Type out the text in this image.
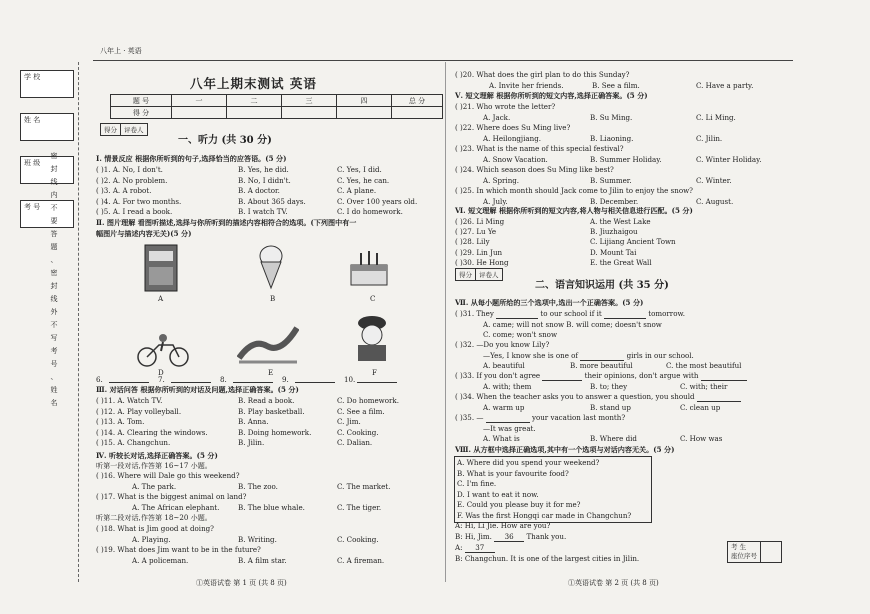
八年上 · 英语
学 校
姓 名
班 级
考 号
密
封
线
内
不
要
答
题
、
密
封
线
外
不
写
考
号
、
姓
名
八年上期末测试 英语
题 号	一	二	三	四	总 分
得 分					
得分	评卷人
一、听力 (共 30 分)
Ⅰ. 情景反应 根据你所听到的句子,选择恰当的应答语。(5 分)
( )1. A. No, I don't.	B. Yes, he did.	C. Yes, I did.
( )2. A. No problem.	B. No, I didn't.	C. Yes, he can.
( )3. A. A robot.	B. A doctor.	C. A plane.
( )4. A. For two months.	B. About 365 days.	C. Over 100 years old.
( )5. A. I read a book.	B. I watch TV.	C. I do homework.
Ⅱ. 图片理解 看图听描述,选择与你所听到的描述内容相符合的选项。(下列图中有一
幅图片与描述内容无关)(5 分)
A	B	C
D	E	F
6.	7.	8.	9.	10.
Ⅲ. 对话问答 根据你所听到的对话及问题,选择正确答案。(5 分)
( )11. A. Watch TV.	B. Read a book.	C. Do homework.
( )12. A. Play volleyball.	B. Play basketball.	C. See a film.
( )13. A. Tom.	B. Anna.	C. Jim.
( )14. A. Clearing the windows.	B. Doing homework.	C. Cooking.
( )15. A. Changchun.	B. Jilin.	C. Dalian.
Ⅳ. 听较长对话,选择正确答案。(5 分)
听第一段对话,作答第 16~17 小题。
( )16. Where will Dale go this weekend?
A. The park.	B. The zoo.	C. The market.
( )17. What is the biggest animal on land?
A. The African elephant.	B. The blue whale.	C. The tiger.
听第二段对话,作答第 18~20 小题。
( )18. What is Jim good at doing?
A. Playing.	B. Writing.	C. Cooking.
( )19. What does Jim want to be in the future?
A. A policeman.	B. A film star.	C. A fireman.
①英语试卷 第 1 页 (共 8 页)
( )20. What does the girl plan to do this Sunday?
A. Invite her friends.	B. See a film.	C. Have a party.
Ⅴ. 短文理解 根据你所听到的短文内容,选择正确答案。(5 分)
( )21. Who wrote the letter?
A. Jack.	B. Su Ming.	C. Li Ming.
( )22. Where does Su Ming live?
A. Heilongjiang.	B. Liaoning.	C. Jilin.
( )23. What is the name of this special festival?
A. Snow Vacation.	B. Summer Holiday.	C. Winter Holiday.
( )24. Which season does Su Ming like best?
A. Spring.	B. Summer.	C. Winter.
( )25. In which month should Jack come to Jilin to enjoy the snow?
A. July.	B. December.	C. August.
Ⅵ. 短文理解 根据你所听到的短文内容,将人物与相关信息进行匹配。(5 分)
( )26. Li Ming	A. the West Lake
( )27. Lu Ye	B. Jiuzhaigou
( )28. Lily	C. Lijiang Ancient Town
( )29. Lin Jun	D. Mount Tai
( )30. He Hong	E. the Great Wall
得分	评卷人
二、语言知识运用 (共 35 分)
Ⅶ. 从每小题所给的三个选项中,选出一个正确答案。(5 分)
( )31. They	to our school if it	tomorrow.
A. came; will not snow B. will come; doesn't snow
C. come; won't snow
( )32. —Do you know Lily?
—Yes, I know she is one of	girls in our school.
A. beautiful	B. more beautiful	C. the most beautiful
( )33. If you don't agree	their opinions, don't argue with
A. with; them	B. to; they	C. with; their
( )34. When the teacher asks you to answer a question, you should
A. warm up	B. stand up	C. clean up
( )35. —	your vacation last month?
—It was great.
A. What is	B. Where did	C. How was
Ⅷ. 从方框中选择正确选项,其中有一个选项与对话内容无关。(5 分)
A. Where did you spend your weekend?
B. What is your favourite food?
C. I'm fine.
D. I want to eat it now.
E. Could you please buy it for me?
F. Was the first Hongqi car made in Changchun?
A: Hi, Li Jie. How are you?
B: Hi, Jim. 36 Thank you.
A: 37
B: Changchun. It is one of the largest cities in Jilin.
考 生
座位序号
①英语试卷 第 2 页 (共 8 页)
